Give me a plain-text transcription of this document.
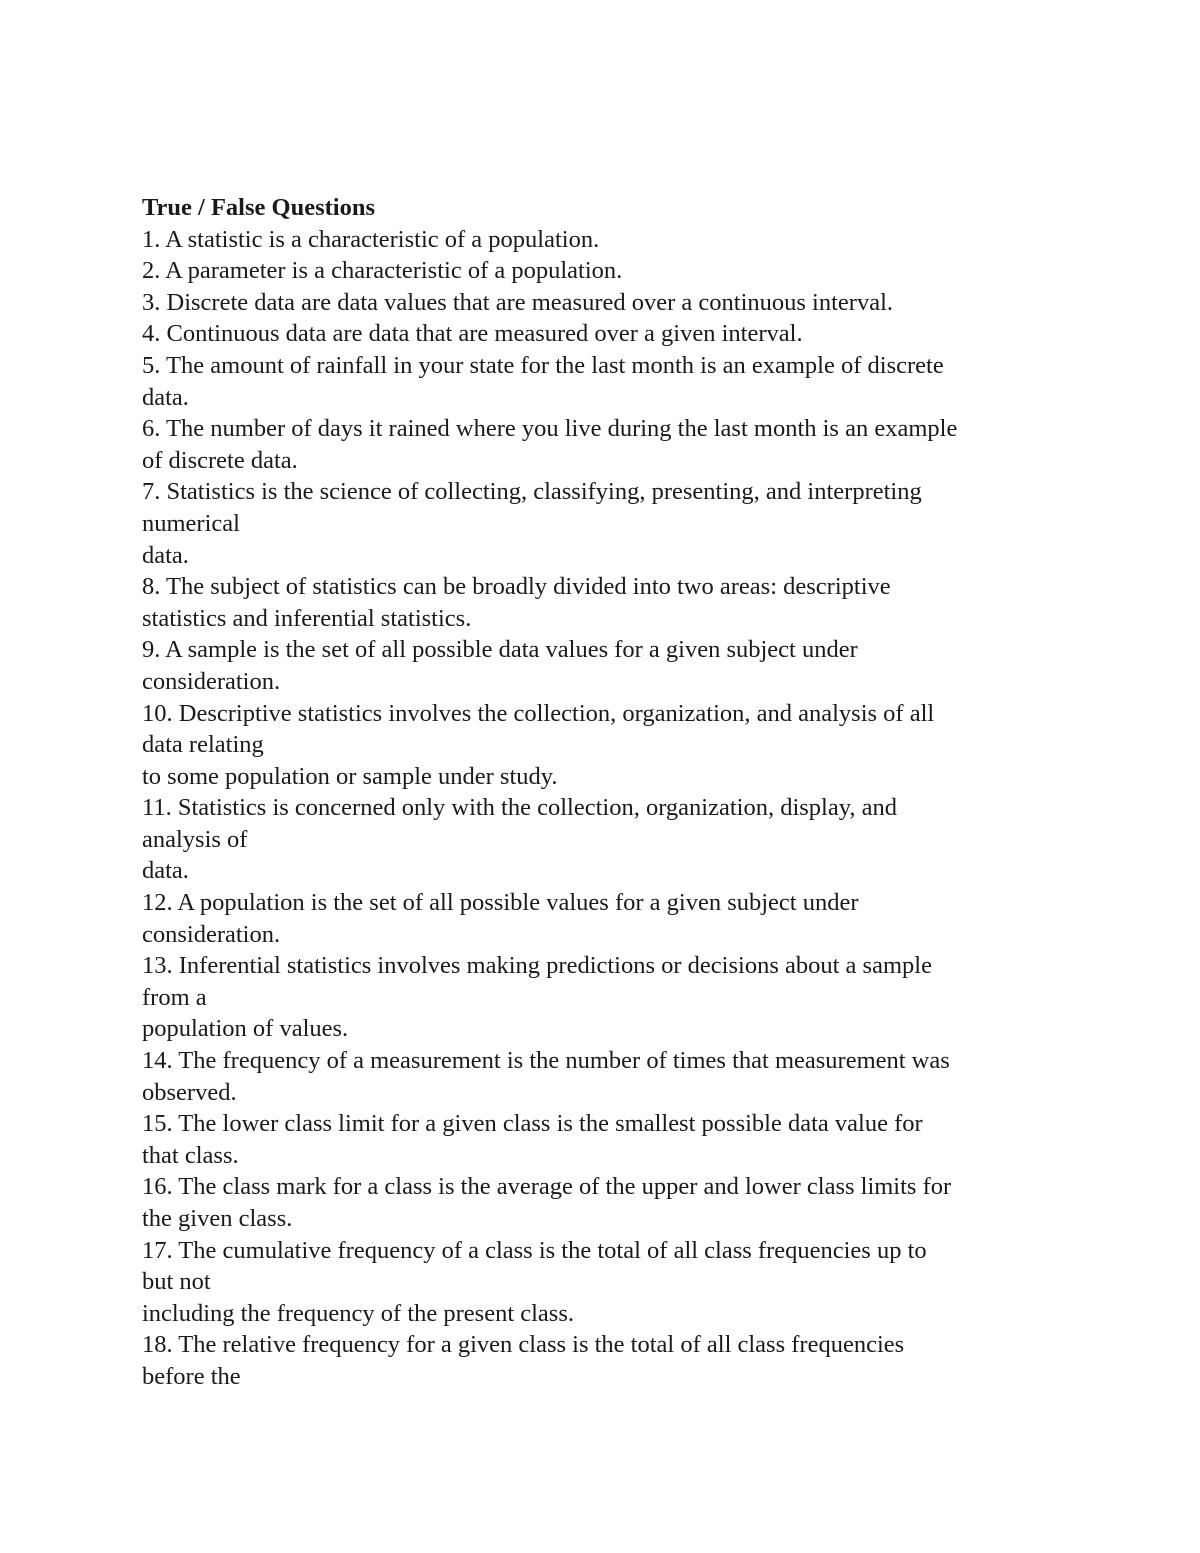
True / False Questions

1. A statistic is a characteristic of a population.

2. A parameter is a characteristic of a population.

3. Discrete data are data values that are measured over a continuous interval.

4. Continuous data are data that are measured over a given interval.

5. The amount of rainfall in your state for the last month is an example of discrete

data.

6. The number of days it rained where you live during the last month is an example

of discrete data.

7. Statistics is the science of collecting, classifying, presenting, and interpreting

numerical

data.

8. The subject of statistics can be broadly divided into two areas: descriptive

statistics and inferential statistics.

9. A sample is the set of all possible data values for a given subject under

consideration.

10. Descriptive statistics involves the collection, organization, and analysis of all

data relating

to some population or sample under study.

11. Statistics is concerned only with the collection, organization, display, and

analysis of

data.

12. A population is the set of all possible values for a given subject under

consideration.

13. Inferential statistics involves making predictions or decisions about a sample

from a

population of values.

14. The frequency of a measurement is the number of times that measurement was

observed.

15. The lower class limit for a given class is the smallest possible data value for

that class.

16. The class mark for a class is the average of the upper and lower class limits for

the given class.

17. The cumulative frequency of a class is the total of all class frequencies up to

but not

including the frequency of the present class.

18. The relative frequency for a given class is the total of all class frequencies

before the
